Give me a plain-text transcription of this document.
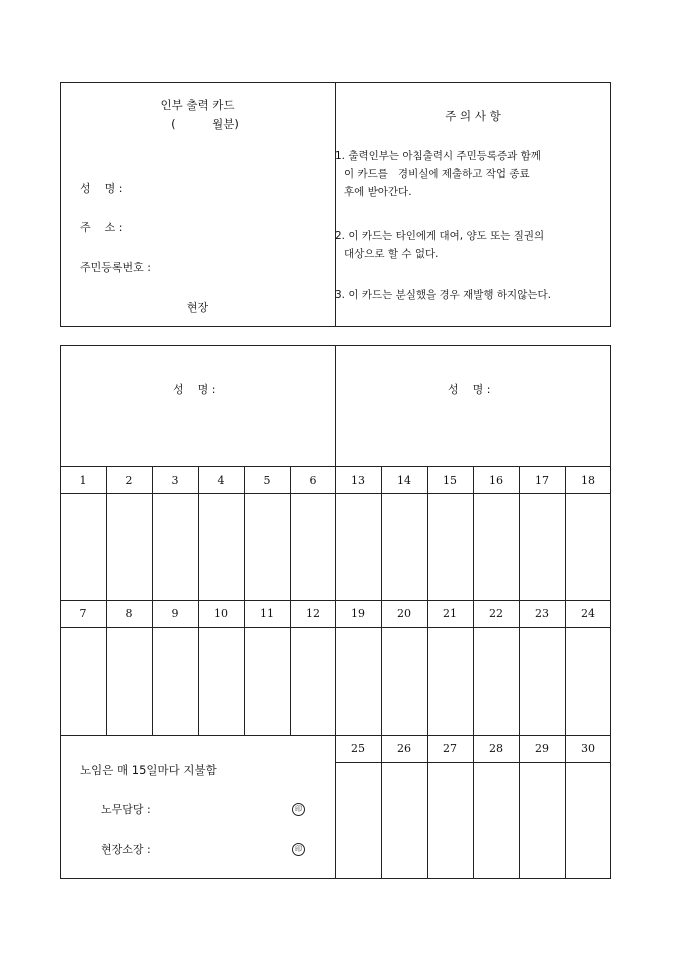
인부 출력 카드
(          월분)
성    명 :
주    소 :
주민등록번호 :
현장
주 의 사 항
1. 출력인부는 아침출력시 주민등록증과 함께
이 카드를   경비실에 제출하고 작업 종료
후에 받아간다.
2. 이 카드는 타인에게 대여, 양도 또는 질권의
대상으로 할 수 없다.
3. 이 카드는 분실했을 경우 재발행 하지않는다.
성    명 :	성    명 :
1	2	3	4	5	6	13	14	15	16	17	18
7	8	9	10	11	12	19	20	21	22	23	24
25	26	27	28	29	30
노임은 매 15일마다 지불함
노무담당 :	印
현장소장 :	印
